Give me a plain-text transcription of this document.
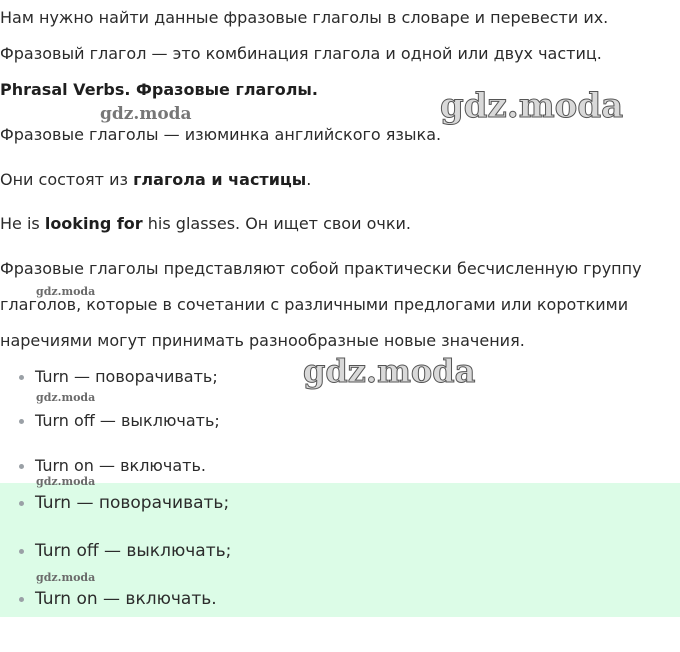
Нам нужно найти данные фразовые глаголы в словаре и перевести их.

Фразовый глагол — это комбинация глагола и одной или двух частиц.

Phrasal Verbs. Фразовые глаголы.

Фразовые глаголы — изюминка английского языка.

Они состоят из глагола и частицы.

He is looking for his glasses. Он ищет свои очки.

Фразовые глаголы представляют собой практически бесчисленную группу

глаголов, которые в сочетании с различными предлогами или короткими

наречиями могут принимать разнообразные новые значения.

Turn — поворачивать;
Turn off — выключать;
Turn on — включать.
Turn — поворачивать;
Turn off — выключать;
Turn on — включать.
gdz.moda	gdz.moda
gdz.moda
gdz.moda
gdz.moda
gdz.moda
gdz.moda
